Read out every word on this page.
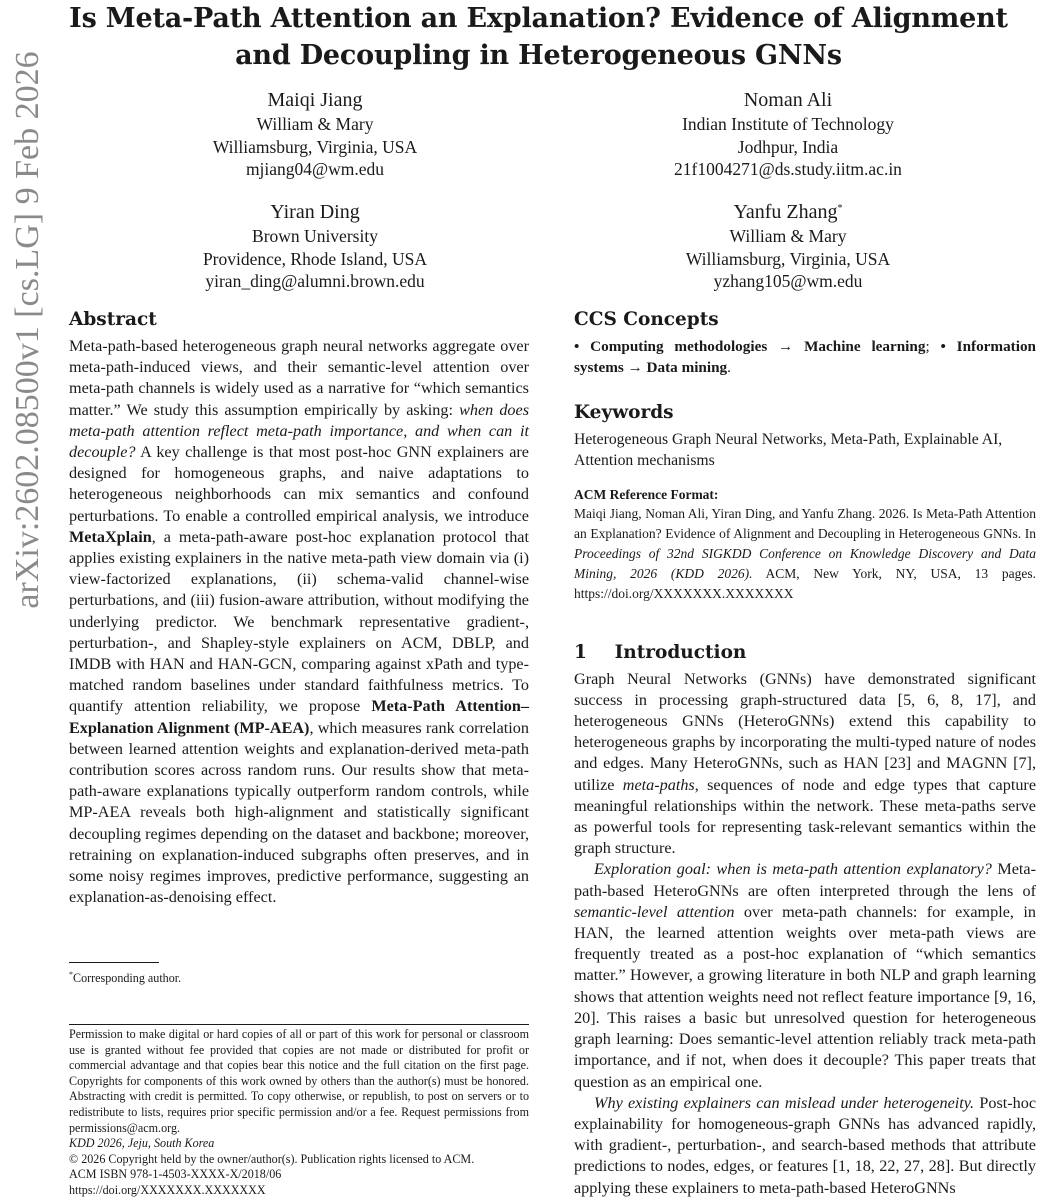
arXiv:2602.08500v1 [cs.LG] 9 Feb 2026
Is Meta-Path Attention an Explanation? Evidence of Alignment
and Decoupling in Heterogeneous GNNs
Maiqi Jiang
William & Mary
Williamsburg, Virginia, USA
mjiang04@wm.edu
Noman Ali
Indian Institute of Technology
Jodhpur, India
21f1004271@ds.study.iitm.ac.in
Yiran Ding
Brown University
Providence, Rhode Island, USA
yiran_ding@alumni.brown.edu
Yanfu Zhang*
William & Mary
Williamsburg, Virginia, USA
yzhang105@wm.edu
Abstract

Meta-path-based heterogeneous graph neural networks aggregate over meta-path-induced views, and their semantic-level attention over meta-path channels is widely used as a narrative for “which semantics matter.” We study this assumption empirically by asking: when does meta-path attention reflect meta-path importance, and when can it decouple? A key challenge is that most post-hoc GNN explainers are designed for homogeneous graphs, and naive adaptations to heterogeneous neighborhoods can mix semantics and confound perturbations. To enable a controlled empirical analysis, we introduce MetaXplain, a meta-path-aware post-hoc explanation protocol that applies existing explainers in the native meta-path view domain via (i) view-factorized explanations, (ii) schema-valid channel-wise perturbations, and (iii) fusion-aware attribution, without modifying the underlying predictor. We benchmark representative gradient-, perturbation-, and Shapley-style explainers on ACM, DBLP, and IMDB with HAN and HAN-GCN, comparing against xPath and type-matched random baselines under standard faithfulness metrics. To quantify attention reliability, we propose Meta-Path Attention–Explanation Alignment (MP-AEA), which measures rank correlation between learned attention weights and explanation-derived meta-path contribution scores across random runs. Our results show that meta-path-aware explanations typically outperform random controls, while MP-AEA reveals both high-alignment and statistically significant decoupling regimes depending on the dataset and backbone; moreover, retraining on explanation-induced subgraphs often preserves, and in some noisy regimes improves, predictive performance, suggesting an explanation-as-denoising effect.

*Corresponding author.

Permission to make digital or hard copies of all or part of this work for personal or classroom use is granted without fee provided that copies are not made or distributed for profit or commercial advantage and that copies bear this notice and the full citation on the first page. Copyrights for components of this work owned by others than the author(s) must be honored. Abstracting with credit is permitted. To copy otherwise, or republish, to post on servers or to redistribute to lists, requires prior specific permission and/or a fee. Request permissions from permissions@acm.org.

KDD 2026, Jeju, South Korea

© 2026 Copyright held by the owner/author(s). Publication rights licensed to ACM.

ACM ISBN 978-1-4503-XXXX-X/2018/06

https://doi.org/XXXXXXX.XXXXXXX

CCS Concepts

• Computing methodologies → Machine learning; • Information systems → Data mining.

Keywords

Heterogeneous Graph Neural Networks, Meta-Path, Explainable AI, Attention mechanisms

ACM Reference Format:

Maiqi Jiang, Noman Ali, Yiran Ding, and Yanfu Zhang. 2026. Is Meta-Path Attention an Explanation? Evidence of Alignment and Decoupling in Heterogeneous GNNs. In Proceedings of 32nd SIGKDD Conference on Knowledge Discovery and Data Mining, 2026 (KDD 2026). ACM, New York, NY, USA, 13 pages. https://doi.org/XXXXXXX.XXXXXXX

1  Introduction

Graph Neural Networks (GNNs) have demonstrated significant success in processing graph-structured data [5, 6, 8, 17], and heterogeneous GNNs (HeteroGNNs) extend this capability to heterogeneous graphs by incorporating the multi-typed nature of nodes and edges. Many HeteroGNNs, such as HAN [23] and MAGNN [7], utilize meta-paths, sequences of node and edge types that capture meaningful relationships within the network. These meta-paths serve as powerful tools for representing task-relevant semantics within the graph structure.

Exploration goal: when is meta-path attention explanatory? Meta-path-based HeteroGNNs are often interpreted through the lens of semantic-level attention over meta-path channels: for example, in HAN, the learned attention weights over meta-path views are frequently treated as a post-hoc explanation of “which semantics matter.” However, a growing literature in both NLP and graph learning shows that attention weights need not reflect feature importance [9, 16, 20]. This raises a basic but unresolved question for heterogeneous graph learning: Does semantic-level attention reliably track meta-path importance, and if not, when does it decouple? This paper treats that question as an empirical one.

Why existing explainers can mislead under heterogeneity. Post-hoc explainability for homogeneous-graph GNNs has advanced rapidly, with gradient-, perturbation-, and search-based methods that attribute predictions to nodes, edges, or features [1, 18, 22, 27, 28]. But directly applying these explainers to meta-path-based HeteroGNNs
